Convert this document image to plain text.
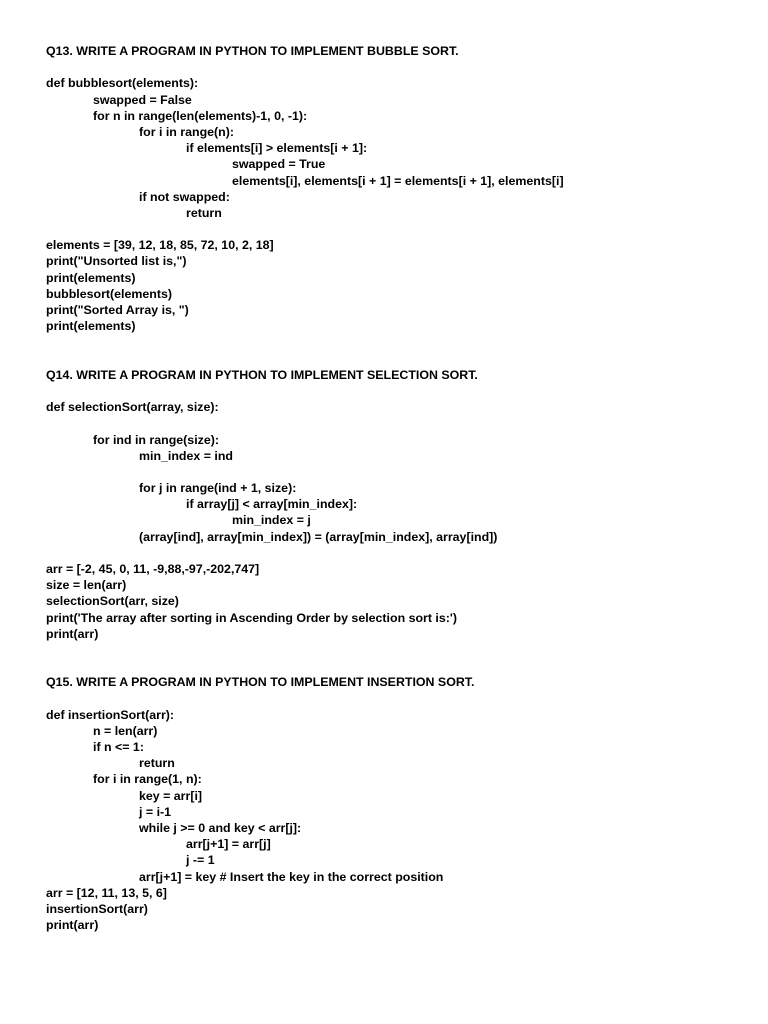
Q13. WRITE A PROGRAM IN PYTHON TO IMPLEMENT BUBBLE SORT.
def bubblesort(elements):
swapped = False
for n in range(len(elements)-1, 0, -1):
for i in range(n):
if elements[i] > elements[i + 1]:
swapped = True
elements[i], elements[i + 1] = elements[i + 1], elements[i]
if not swapped:
return
elements = [39, 12, 18, 85, 72, 10, 2, 18]
print("Unsorted list is,")
print(elements)
bubblesort(elements)
print("Sorted Array is, ")
print(elements)
Q14. WRITE A PROGRAM IN PYTHON TO IMPLEMENT SELECTION SORT.
def selectionSort(array, size):
for ind in range(size):
min_index = ind
for j in range(ind + 1, size):
if array[j] < array[min_index]:
min_index = j
(array[ind], array[min_index]) = (array[min_index], array[ind])
arr = [-2, 45, 0, 11, -9,88,-97,-202,747]
size = len(arr)
selectionSort(arr, size)
print('The array after sorting in Ascending Order by selection sort is:')
print(arr)
Q15. WRITE A PROGRAM IN PYTHON TO IMPLEMENT INSERTION SORT.
def insertionSort(arr):
n = len(arr)
if n <= 1:
return
for i in range(1, n):
key = arr[i]
j = i-1
while j >= 0 and key < arr[j]:
arr[j+1] = arr[j]
j -= 1
arr[j+1] = key # Insert the key in the correct position
arr = [12, 11, 13, 5, 6]
insertionSort(arr)
print(arr)
